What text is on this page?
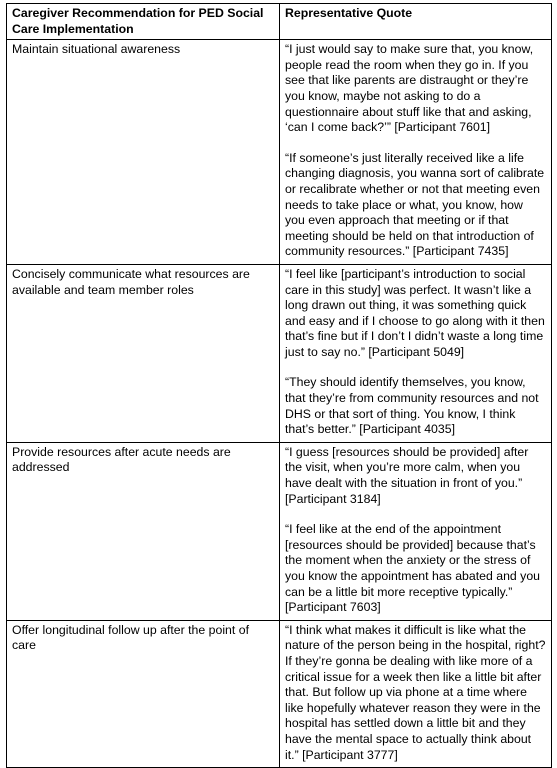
Caregiver Recommendation for PED Social Care Implementation	Representative Quote
Maintain situational awareness	“I just would say to make sure that, you know, people read the room when they go in. If you see that like parents are distraught or they’re you know, maybe not asking to do a questionnaire about stuff like that and asking, ‘can I come back?’” [Participant 7601]
“If someone’s just literally received like a life changing diagnosis, you wanna sort of calibrate or recalibrate whether or not that meeting even needs to take place or what, you know, how you even approach that meeting or if that meeting should be held on that introduction of community resources.” [Participant 7435]

Concisely communicate what resources are available and team member roles	“I feel like [participant’s introduction to social care in this study] was perfect. It wasn’t like a long drawn out thing, it was something quick and easy and if I choose to go along with it then that’s fine but if I don’t I didn’t waste a long time just to say no.” [Participant 5049]
“They should identify themselves, you know, that they’re from community resources and not DHS or that sort of thing. You know, I think that’s better.” [Participant 4035]

Provide resources after acute needs are addressed	“I guess [resources should be provided] after the visit, when you’re more calm, when you have dealt with the situation in front of you.” [Participant 3184]
“I feel like at the end of the appointment [resources should be provided] because that’s the moment when the anxiety or the stress of you know the appointment has abated and you can be a little bit more receptive typically.” [Participant 7603]

Offer longitudinal follow up after the point of care	“I think what makes it difficult is like what the nature of the person being in the hospital, right? If they’re gonna be dealing with like more of a critical issue for a week then like a little bit after that. But follow up via phone at a time where like hopefully whatever reason they were in the hospital has settled down a little bit and they have the mental space to actually think about it.” [Participant 3777]
